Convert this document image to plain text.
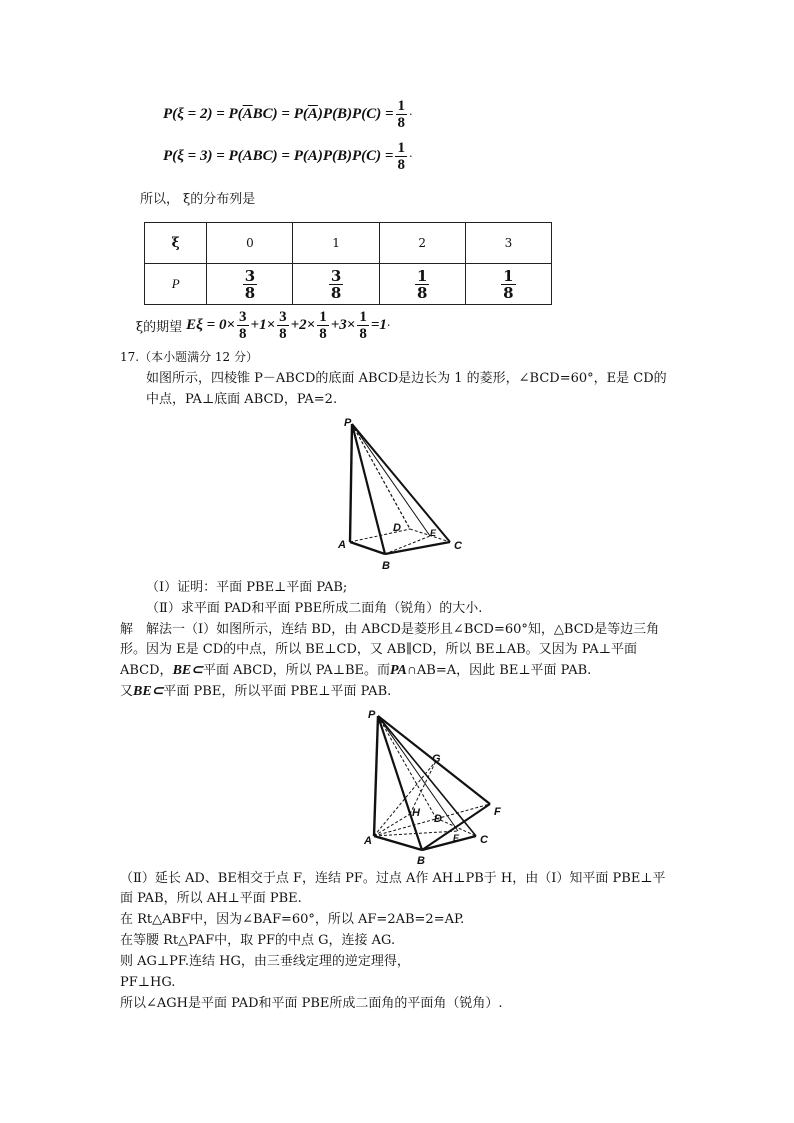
P(ξ = 2) = P( $\overline{A}$ BC) = P( $\overline{A}$ )$P(B)P(C) = \frac{1}{8}$ .
$P(\xi = 3) = P(ABC) = P(A)P(B)P(C) = \frac{1}{8}$ .
所以， ξ的分布列是
ξ	0	1	2	3
P	$\frac{3}{8}$	$\frac{3}{8}$	$\frac{1}{8}$	$\frac{1}{8}$
ξ的期望 $E\xi = 0\times \frac{3}{8} +1\times \frac{3}{8} +2\times \frac{1}{8} +3\times \frac{1}{8} =1$ .
17.（本小题满分 12 分）
如图所示，四棱锥 P－ABCD的底面 ABCD是边长为 1 的菱形，∠BCD=60°，E是 CD的
中点，PA⊥底面 ABCD，PA=2.
P
A
B
C
D	E
（Ⅰ）证明：平面 PBE⊥平面 PAB;
（Ⅱ）求平面 PAD和平面 PBE所成二面角（锐角）的大小.
解　解法一（Ⅰ）如图所示，连结 BD，由 ABCD是菱形且∠BCD=60°知，△BCD是等边三角
形。因为 E是 CD的中点，所以 BE⊥CD，又 AB∥CD，所以 BE⊥AB。又因为 PA⊥平面
ABCD，BE⊂平面 ABCD，所以 PA⊥BE。而PA∩AB=A，因此 BE⊥平面 PAB.
又BE⊂平面 PBE，所以平面 PBE⊥平面 PAB.
P
A
B
C
D
E
F
G
H
（Ⅱ）延长 AD、BE相交于点 F，连结 PF。过点 A作 AH⊥PB于 H，由（Ⅰ）知平面 PBE⊥平
面 PAB，所以 AH⊥平面 PBE.
在 Rt△ABF中，因为∠BAF=60°，所以 AF=2AB=2=AP.
在等腰 Rt△PAF中，取 PF的中点 G，连接 AG.
则 AG⊥PF.连结 HG，由三垂线定理的逆定理得，
PF⊥HG.
所以∠AGH是平面 PAD和平面 PBE所成二面角的平面角（锐角）.
